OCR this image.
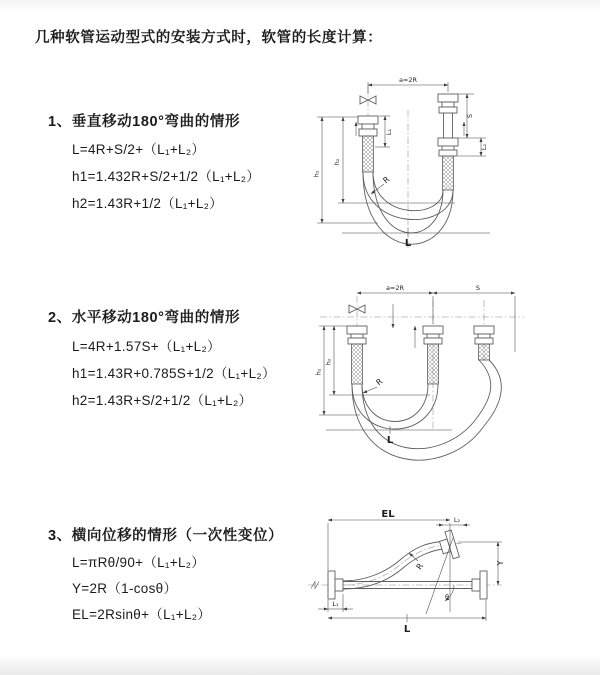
几种软管运动型式的安装方式时，软管的长度计算：
1、垂直移动180°弯曲的情形
L=4R+S/2+（L₁+L₂）
h1=1.432R+S/2+1/2（L₁+L₂）
h2=1.43R+1/2（L₁+L₂）
2、水平移动180°弯曲的情形
L=4R+1.57S+（L₁+L₂）
h1=1.43R+0.785S+1/2（L₁+L₂）
h2=1.43R+S/2+1/2（L₁+L₂）
3、横向位移的情形（一次性变位）
L=πRθ/90+（L₁+L₂）
Y=2R（1-cosθ）
EL=2Rsinθ+（L₁+L₂）
a=2R
L₁
S
L₂
h₂
h₁
R
L
a=2R	S
h₂
h₁
R
L
EL	L₂
θ
R	Y
L₁
L
